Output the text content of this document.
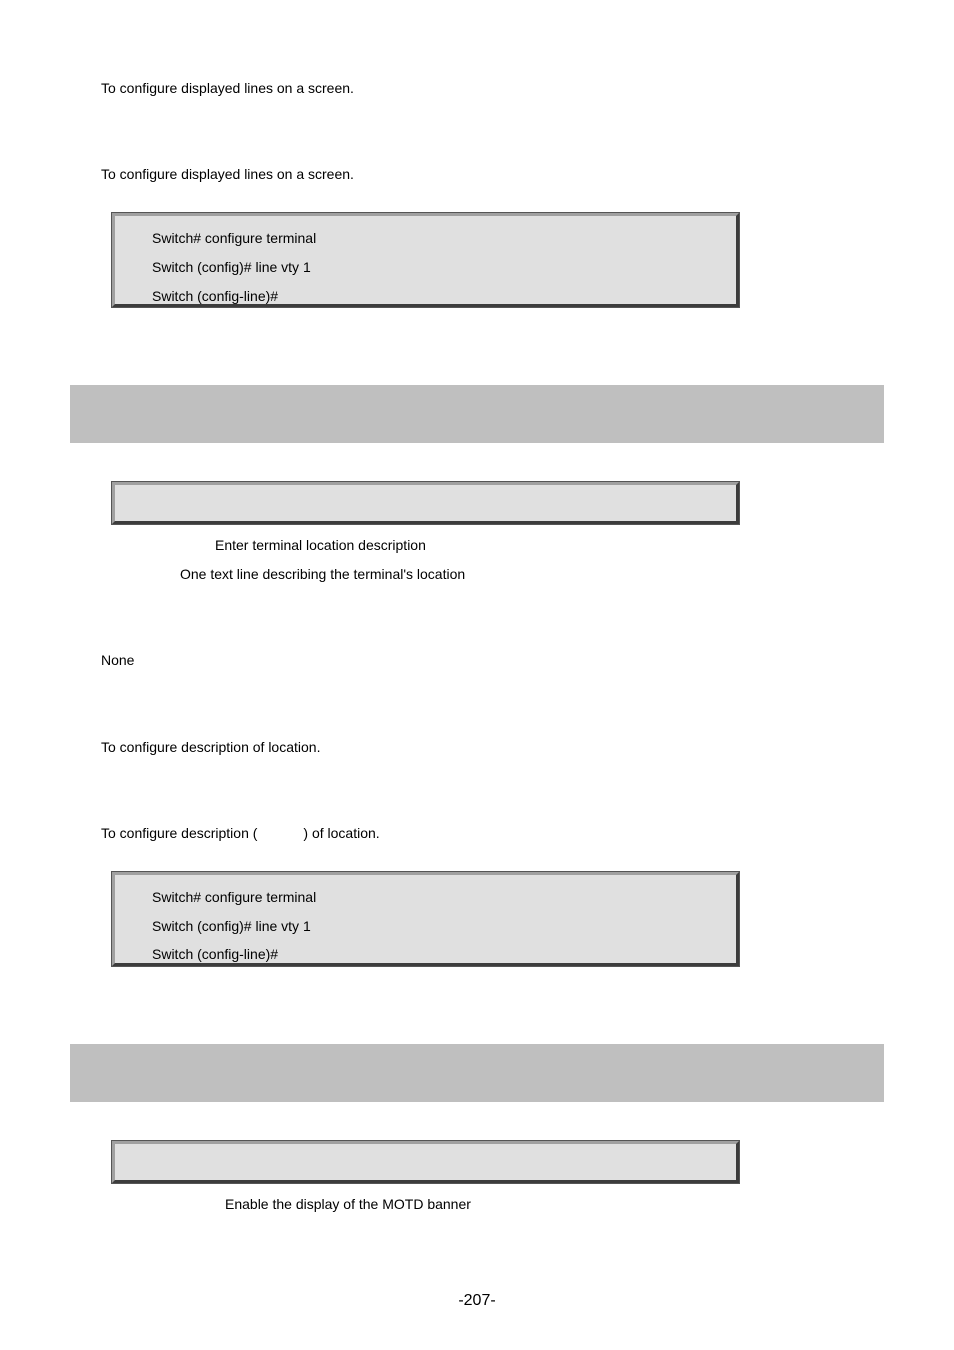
To configure displayed lines on a screen.

To configure displayed lines on a screen.

Switch# configure terminal
Switch (config)# line vty 1
Switch (config-line)#

Enter terminal location description

One text line describing the terminal's location

None

To configure description of location.

To configure description (	) of location.

Switch# configure terminal
Switch (config)# line vty 1
Switch (config-line)#

Enable the display of the MOTD banner

-207-
